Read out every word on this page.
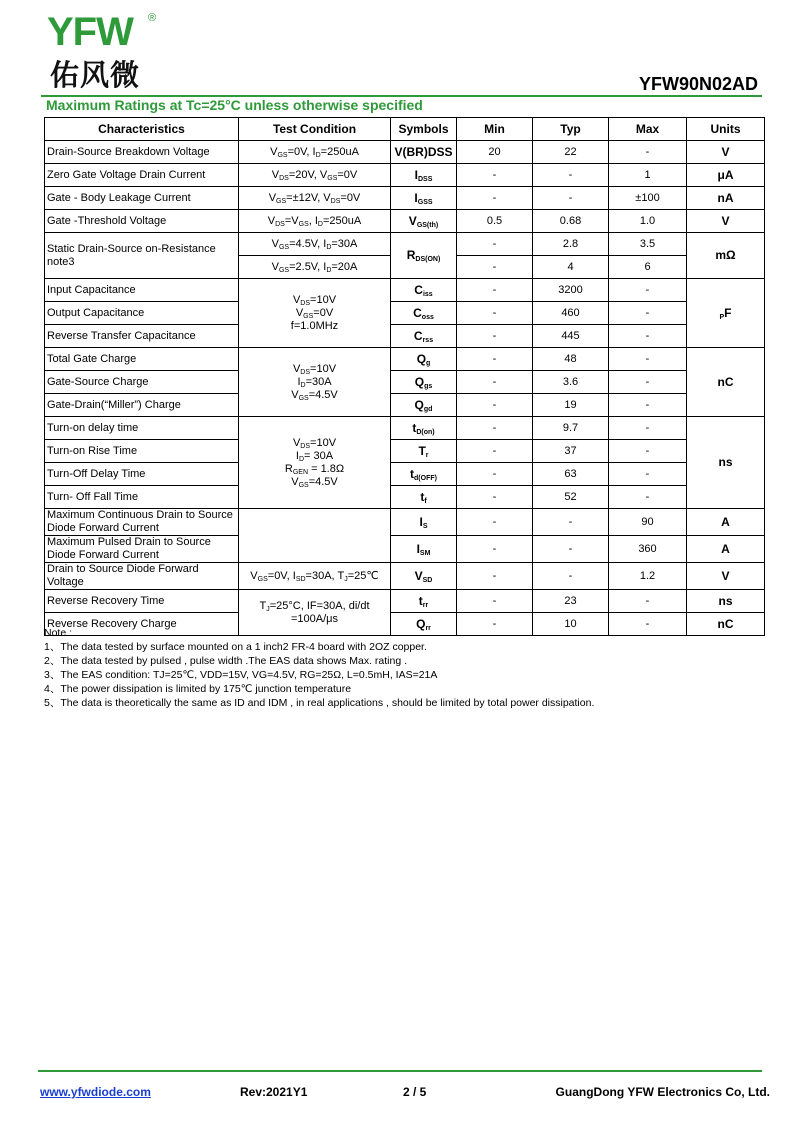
YFW ®
佑风微	YFW90N02AD
Maximum Ratings at Tc=25°C unless otherwise specified
Characteristics	Test Condition	Symbols	Min	Typ	Max	Units
Drain-Source Breakdown Voltage	$V_{GS}=0V$, $I_D=250uA$	V(BR)DSS	20	22	-	V
Zero Gate Voltage Drain Current	$V_{DS}=20V$, $V_{GS}=0V$	$I_{DSS}$	-	-	1	μA
Gate - Body Leakage Current	$V_{GS}=\pm 12V$, $V_{DS}=0V$	$I_{GSS}$	-	-	±100	nA
Gate -Threshold Voltage	$V_{DS}=V_{GS}$, $I_D=250uA$	$V_{GS(th)}$	0.5	0.68	1.0	V
Static Drain-Source on-Resistance note3	$V_{GS}=4.5V$, $I_D=30A$	$R_{DS(ON)}$	-	2.8	3.5	mΩ
	$V_{GS}=2.5V$, $I_D=20A$		-	4	6	
Input Capacitance	$V_{DS}=10V$
$V_{GS}=0V$
f=1.0MHz	$C_{iss}$	-	3200	-	$_P$F
Output Capacitance		$C_{oss}$	-	460	-	
Reverse Transfer Capacitance		$C_{rss}$	-	445	-	
Total Gate Charge	$V_{DS}=10V$
$I_D=30A$
$V_{GS}=4.5V$	$Q_g$	-	48	-	nC
Gate-Source Charge		$Q_{gs}$	-	3.6	-	
Gate-Drain(“Miller”) Charge		$Q_{gd}$	-	19	-	
Turn-on delay time	$V_{DS}=10V$
$I_D= 30A$
$R_{GEN} = 1.8\Omega$
$V_{GS}=4.5V$	$t_{D(on)}$	-	9.7	-	ns
Turn-on Rise Time		$T_r$	-	37	-	
Turn-Off Delay Time		$t_{d(OFF)}$	-	63	-	
Turn- Off Fall Time		$t_f$	-	52	-	
Maximum Continuous Drain to Source Diode Forward Current		$I_S$	-	-	90	A
Maximum Pulsed Drain to Source Diode Forward Current		$I_{SM}$	-	-	360	A
Drain to Source Diode Forward Voltage	$V_{GS}=0V$, $I_{SD}=30A$, $T_J=25℃$	$V_{SD}$	-	-	1.2	V
Reverse Recovery Time	$T_J=25^\circ C$, IF=30A, di/dt
=100A/μs	$t_{rr}$	-	23	-	ns
Reverse Recovery Charge		$Q_{rr}$	-	10	-	nC
Note :
1、The data tested by surface mounted on a 1 inch2 FR-4 board with 2OZ copper.
2、The data tested by pulsed , pulse width .The EAS data shows Max. rating .
3、The EAS condition: TJ=25℃, VDD=15V, VG=4.5V, RG=25Ω, L=0.5mH, IAS=21A
4、The power dissipation is limited by 175℃ junction temperature
5、The data is theoretically the same as ID and IDM , in real applications , should be limited by total power dissipation.
www.yfwdiode.com	Rev:2021Y1	2 / 5	GuangDong YFW Electronics Co, Ltd.
